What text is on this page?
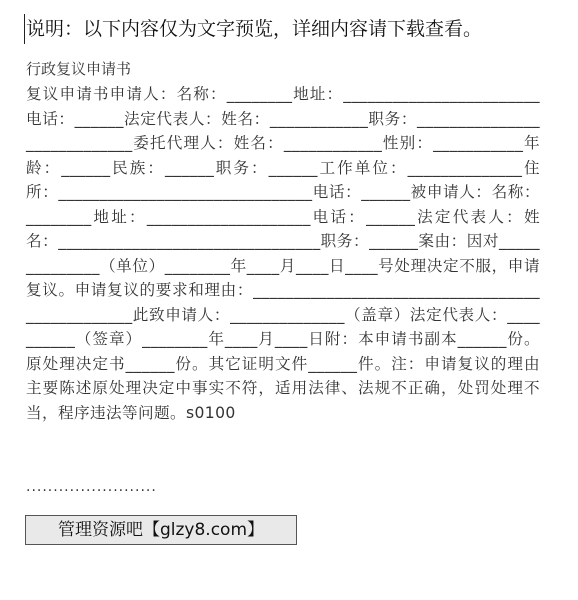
说明：以下内容仅为文字预览，详细内容请下载查看。
行政复议申请书
复议申请书申请人：名称：________地址：________________________电话：______法定代表人：姓名：____________职务：____________________________委托代理人：姓名：____________性别：___________年龄：______民族：______职务：______工作单位：______________住所：_______________________________电话：______被申请人：名称：________地址：____________________电话：______法定代表人：姓名：________________________________职务：______案由：因对______________（单位）________年____月____日____号处理决定不服，申请复议。申请复议的要求和理由：________________________________________________此致申请人：______________（盖章）法定代表人：__________（签章）________年____月____日附：本申请书副本______份。原处理决定书______份。其它证明文件______件。注：申请复议的理由主要陈述原处理决定中事实不符，适用法律、法规不正确，处罚处理不当，程序违法等问题。s0100
························
管理资源吧【glzy8.com】
